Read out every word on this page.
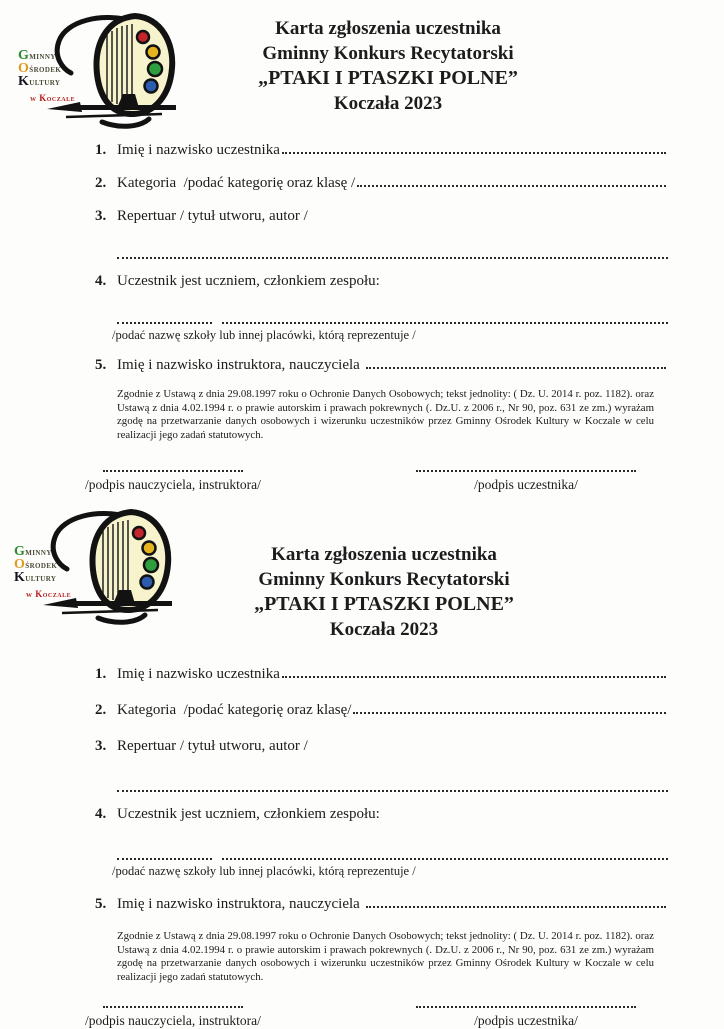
Gminny
Ośrodek
Kultury
w Koczale
Karta zgłoszenia uczestnika
Gminny Konkurs Recytatorski
„PTAKI I PTASZKI POLNE”
Koczała 2023
1. Imię i nazwisko uczestnika
2. Kategoria  /podać kategorię oraz klasę /
3. Repertuar / tytuł utworu, autor /
4. Uczestnik jest uczniem, członkiem zespołu:
/podać nazwę szkoły lub innej placówki, którą reprezentuje /
5. Imię i nazwisko instruktora, nauczyciela

Zgodnie z Ustawą z dnia 29.08.1997 roku o Ochronie Danych Osobowych; tekst jednolity: ( Dz. U. 2014 r. poz. 1182). oraz Ustawą z dnia 4.02.1994 r. o prawie autorskim i prawach pokrewnych (. Dz.U. z 2006 r., Nr 90, poz. 631 ze zm.) wyrażam zgodę na przetwarzanie danych osobowych i wizerunku uczestników przez Gminny Ośrodek Kultury w Koczale w celu realizacji jego zadań statutowych.

/podpis nauczyciela, instruktora/	/podpis uczestnika/
Gminny
Ośrodek
Kultury
w Koczale
Karta zgłoszenia uczestnika
Gminny Konkurs Recytatorski
„PTAKI I PTASZKI POLNE”
Koczała 2023
1. Imię i nazwisko uczestnika
2. Kategoria  /podać kategorię oraz klasę/
3. Repertuar / tytuł utworu, autor /
4. Uczestnik jest uczniem, członkiem zespołu:
/podać nazwę szkoły lub innej placówki, którą reprezentuje /
5. Imię i nazwisko instruktora, nauczyciela

Zgodnie z Ustawą z dnia 29.08.1997 roku o Ochronie Danych Osobowych; tekst jednolity: ( Dz. U. 2014 r. poz. 1182). oraz Ustawą z dnia 4.02.1994 r. o prawie autorskim i prawach pokrewnych (. Dz.U. z 2006 r., Nr 90, poz. 631 ze zm.) wyrażam zgodę na przetwarzanie danych osobowych i wizerunku uczestników przez Gminny Ośrodek Kultury w Koczale w celu realizacji jego zadań statutowych.

/podpis nauczyciela, instruktora/	/podpis uczestnika/
